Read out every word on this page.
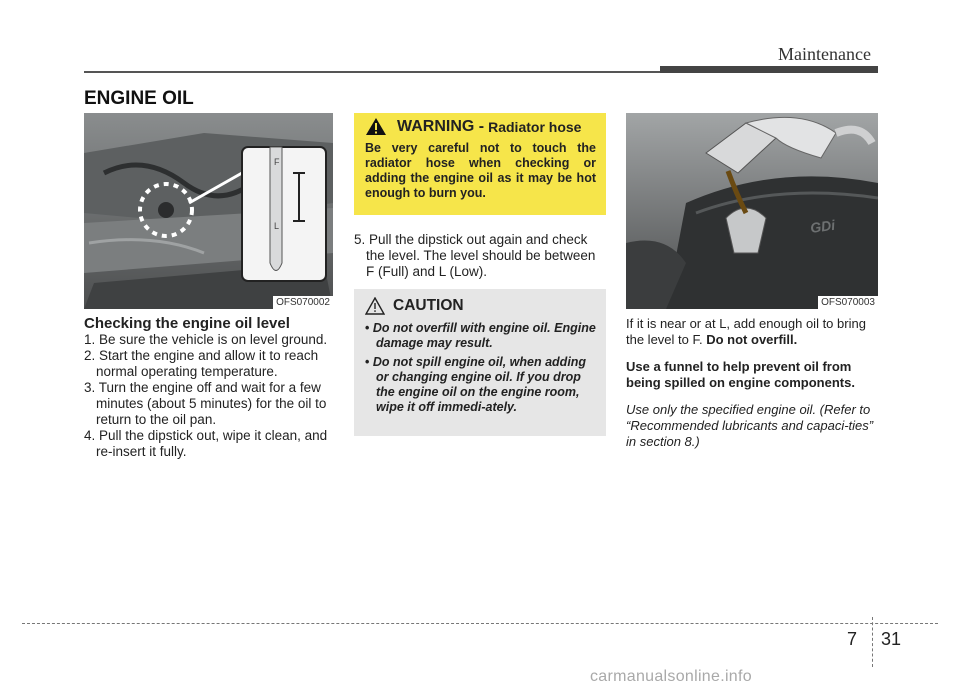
Maintenance
ENGINE OIL
F
L
OFS070002

Checking the engine oil level

1. Be sure the vehicle is on level ground.

2. Start the engine and allow it to reach normal operating temperature.

3. Turn the engine off and wait for a few minutes (about 5 minutes) for the oil to return to the oil pan.

4. Pull the dipstick out, wipe it clean, and re-insert it fully.

WARNING - Radiator hose
Be very careful not to touch the radiator hose when checking or adding the engine oil as it may be hot enough to burn you.

5. Pull the dipstick out again and check the level. The level should be between F (Full) and L (Low).

CAUTION
• Do not overfill with engine oil. Engine damage may result.
• Do not spill engine oil, when adding or changing engine oil. If you drop the engine oil on the engine room, wipe it off immedi-ately.
GDi
OFS070003

If it is near or at L, add enough oil to bring the level to F. Do not overfill.

Use a funnel to help prevent oil from being spilled on engine components.

Use only the specified engine oil. (Refer to “Recommended lubricants and capaci-ties” in section 8.)

7 31
carmanualsonline.info
